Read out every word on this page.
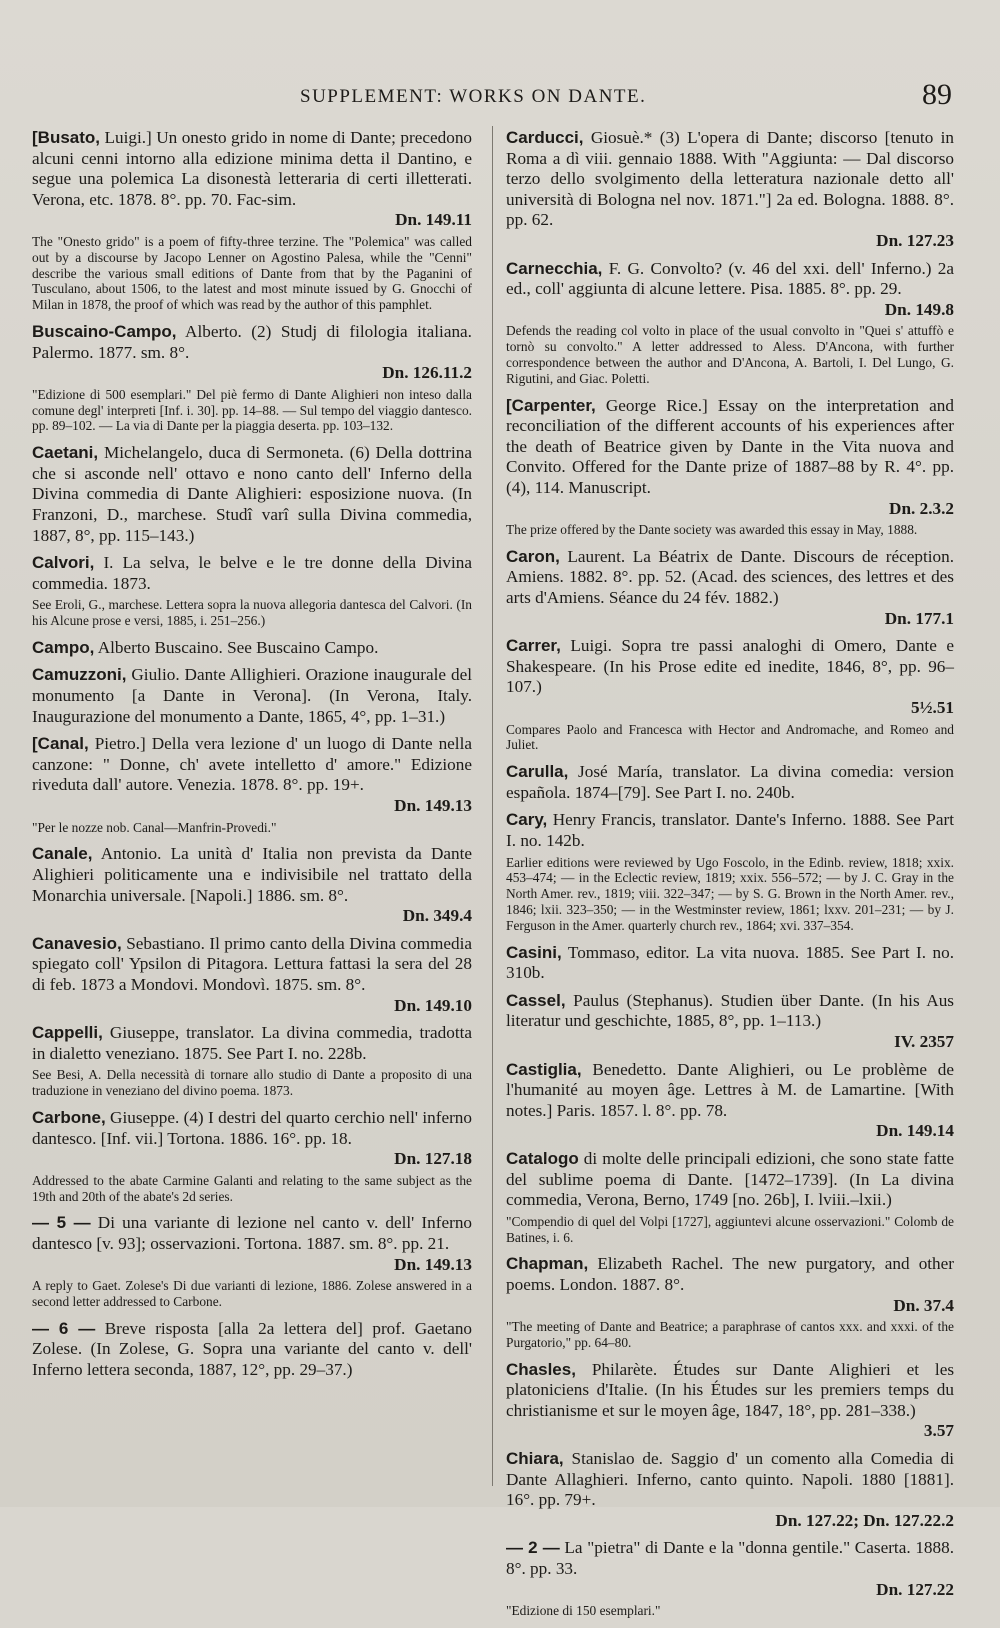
SUPPLEMENT: WORKS ON DANTE.	89

[Busato, Luigi.] Un onesto grido in nome di Dante; precedono alcuni cenni intorno alla edizione minima detta il Dantino, e segue una polemica La disonestà letteraria di certi illetterati. Verona, etc. 1878. 8°. pp. 70. Fac-sim.
Dn. 149.11

The "Onesto grido" is a poem of fifty-three terzine. The "Polemica" was called out by a discourse by Jacopo Lenner on Agostino Palesa, while the "Cenni" describe the various small editions of Dante from that by the Paganini of Tusculano, about 1506, to the latest and most minute issued by G. Gnocchi of Milan in 1878, the proof of which was read by the author of this pamphlet.

Buscaino-Campo, Alberto. (2) Studj di filologia italiana. Palermo. 1877. sm. 8°.
Dn. 126.11.2

"Edizione di 500 esemplari." Del piè fermo di Dante Alighieri non inteso dalla comune degl' interpreti [Inf. i. 30]. pp. 14–88. — Sul tempo del viaggio dantesco. pp. 89–102. — La via di Dante per la piaggia deserta. pp. 103–132.

Caetani, Michelangelo, duca di Sermoneta. (6) Della dottrina che si asconde nell' ottavo e nono canto dell' Inferno della Divina commedia di Dante Alighieri: esposizione nuova. (In Franzoni, D., marchese. Studî varî sulla Divina commedia, 1887, 8°, pp. 115–143.)

Calvori, I. La selva, le belve e le tre donne della Divina commedia. 1873.

See Eroli, G., marchese. Lettera sopra la nuova allegoria dantesca del Calvori. (In his Alcune prose e versi, 1885, i. 251–256.)

Campo, Alberto Buscaino. See Buscaino Campo.

Camuzzoni, Giulio. Dante Allighieri. Orazione inaugurale del monumento [a Dante in Verona]. (In Verona, Italy. Inaugurazione del monumento a Dante, 1865, 4°, pp. 1–31.)

[Canal, Pietro.] Della vera lezione d' un luogo di Dante nella canzone: " Donne, ch' avete intelletto d' amore." Edizione riveduta dall' autore. Venezia. 1878. 8°. pp. 19+.
Dn. 149.13

"Per le nozze nob. Canal—Manfrin-Provedi."

Canale, Antonio. La unità d' Italia non prevista da Dante Alighieri politicamente una e indivisibile nel trattato della Monarchia universale. [Napoli.] 1886. sm. 8°.
Dn. 349.4

Canavesio, Sebastiano. Il primo canto della Divina commedia spiegato coll' Ypsilon di Pitagora. Lettura fattasi la sera del 28 di feb. 1873 a Mondovi. Mondovì. 1875. sm. 8°.
Dn. 149.10

Cappelli, Giuseppe, translator. La divina commedia, tradotta in dialetto veneziano. 1875. See Part I. no. 228b.

See Besi, A. Della necessità di tornare allo studio di Dante a proposito di una traduzione in veneziano del divino poema. 1873.

Carbone, Giuseppe. (4) I destri del quarto cerchio nell' inferno dantesco. [Inf. vii.] Tortona. 1886. 16°. pp. 18.
Dn. 127.18

Addressed to the abate Carmine Galanti and relating to the same subject as the 19th and 20th of the abate's 2d series.

— 5 — Di una variante di lezione nel canto v. dell' Inferno dantesco [v. 93]; osservazioni. Tortona. 1887. sm. 8°. pp. 21.
Dn. 149.13

A reply to Gaet. Zolese's Di due varianti di lezione, 1886. Zolese answered in a second letter addressed to Carbone.

— 6 — Breve risposta [alla 2a lettera del] prof. Gaetano Zolese. (In Zolese, G. Sopra una variante del canto v. dell' Inferno lettera seconda, 1887, 12°, pp. 29–37.)

Carducci, Giosuè.* (3) L'opera di Dante; discorso [tenuto in Roma a dì viii. gennaio 1888. With "Aggiunta: — Dal discorso terzo dello svolgimento della letteratura nazionale detto all' università di Bologna nel nov. 1871."] 2a ed. Bologna. 1888. 8°. pp. 62.
Dn. 127.23

Carnecchia, F. G. Convolto? (v. 46 del xxi. dell' Inferno.) 2a ed., coll' aggiunta di alcune lettere. Pisa. 1885. 8°. pp. 29.
Dn. 149.8

Defends the reading col volto in place of the usual convolto in "Quei s' attuffò e tornò su convolto." A letter addressed to Aless. D'Ancona, with further correspondence between the author and D'Ancona, A. Bartoli, I. Del Lungo, G. Rigutini, and Giac. Poletti.

[Carpenter, George Rice.] Essay on the interpretation and reconciliation of the different accounts of his experiences after the death of Beatrice given by Dante in the Vita nuova and Convito. Offered for the Dante prize of 1887–88 by R. 4°. pp. (4), 114. Manuscript.
Dn. 2.3.2

The prize offered by the Dante society was awarded this essay in May, 1888.

Caron, Laurent. La Béatrix de Dante. Discours de réception. Amiens. 1882. 8°. pp. 52. (Acad. des sciences, des lettres et des arts d'Amiens. Séance du 24 fév. 1882.)
Dn. 177.1

Carrer, Luigi. Sopra tre passi analoghi di Omero, Dante e Shakespeare. (In his Prose edite ed inedite, 1846, 8°, pp. 96–107.)
5½.51

Compares Paolo and Francesca with Hector and Andromache, and Romeo and Juliet.

Carulla, José María, translator. La divina comedia: version española. 1874–[79]. See Part I. no. 240b.

Cary, Henry Francis, translator. Dante's Inferno. 1888. See Part I. no. 142b.

Earlier editions were reviewed by Ugo Foscolo, in the Edinb. review, 1818; xxix. 453–474; — in the Eclectic review, 1819; xxix. 556–572; — by J. C. Gray in the North Amer. rev., 1819; viii. 322–347; — by S. G. Brown in the North Amer. rev., 1846; lxii. 323–350; — in the Westminster review, 1861; lxxv. 201–231; — by J. Ferguson in the Amer. quarterly church rev., 1864; xvi. 337–354.

Casini, Tommaso, editor. La vita nuova. 1885. See Part I. no. 310b.

Cassel, Paulus (Stephanus). Studien über Dante. (In his Aus literatur und geschichte, 1885, 8°, pp. 1–113.)
IV. 2357

Castiglia, Benedetto. Dante Alighieri, ou Le problème de l'humanité au moyen âge. Lettres à M. de Lamartine. [With notes.] Paris. 1857. l. 8°. pp. 78.
Dn. 149.14

Catalogo di molte delle principali edizioni, che sono state fatte del sublime poema di Dante. [1472–1739]. (In La divina commedia, Verona, Berno, 1749 [no. 26b], I. lviii.–lxii.)

"Compendio di quel del Volpi [1727], aggiuntevi alcune osservazioni." Colomb de Batines, i. 6.

Chapman, Elizabeth Rachel. The new purgatory, and other poems. London. 1887. 8°.
Dn. 37.4

"The meeting of Dante and Beatrice; a paraphrase of cantos xxx. and xxxi. of the Purgatorio," pp. 64–80.

Chasles, Philarète. Études sur Dante Alighieri et les platoniciens d'Italie. (In his Études sur les premiers temps du christianisme et sur le moyen âge, 1847, 18°, pp. 281–338.)
3.57

Chiara, Stanislao de. Saggio d' un comento alla Comedia di Dante Allaghieri. Inferno, canto quinto. Napoli. 1880 [1881]. 16°. pp. 79+.
Dn. 127.22; Dn. 127.22.2

— 2 — La "pietra" di Dante e la "donna gentile." Caserta. 1888. 8°. pp. 33.
Dn. 127.22

"Edizione di 150 esemplari."
